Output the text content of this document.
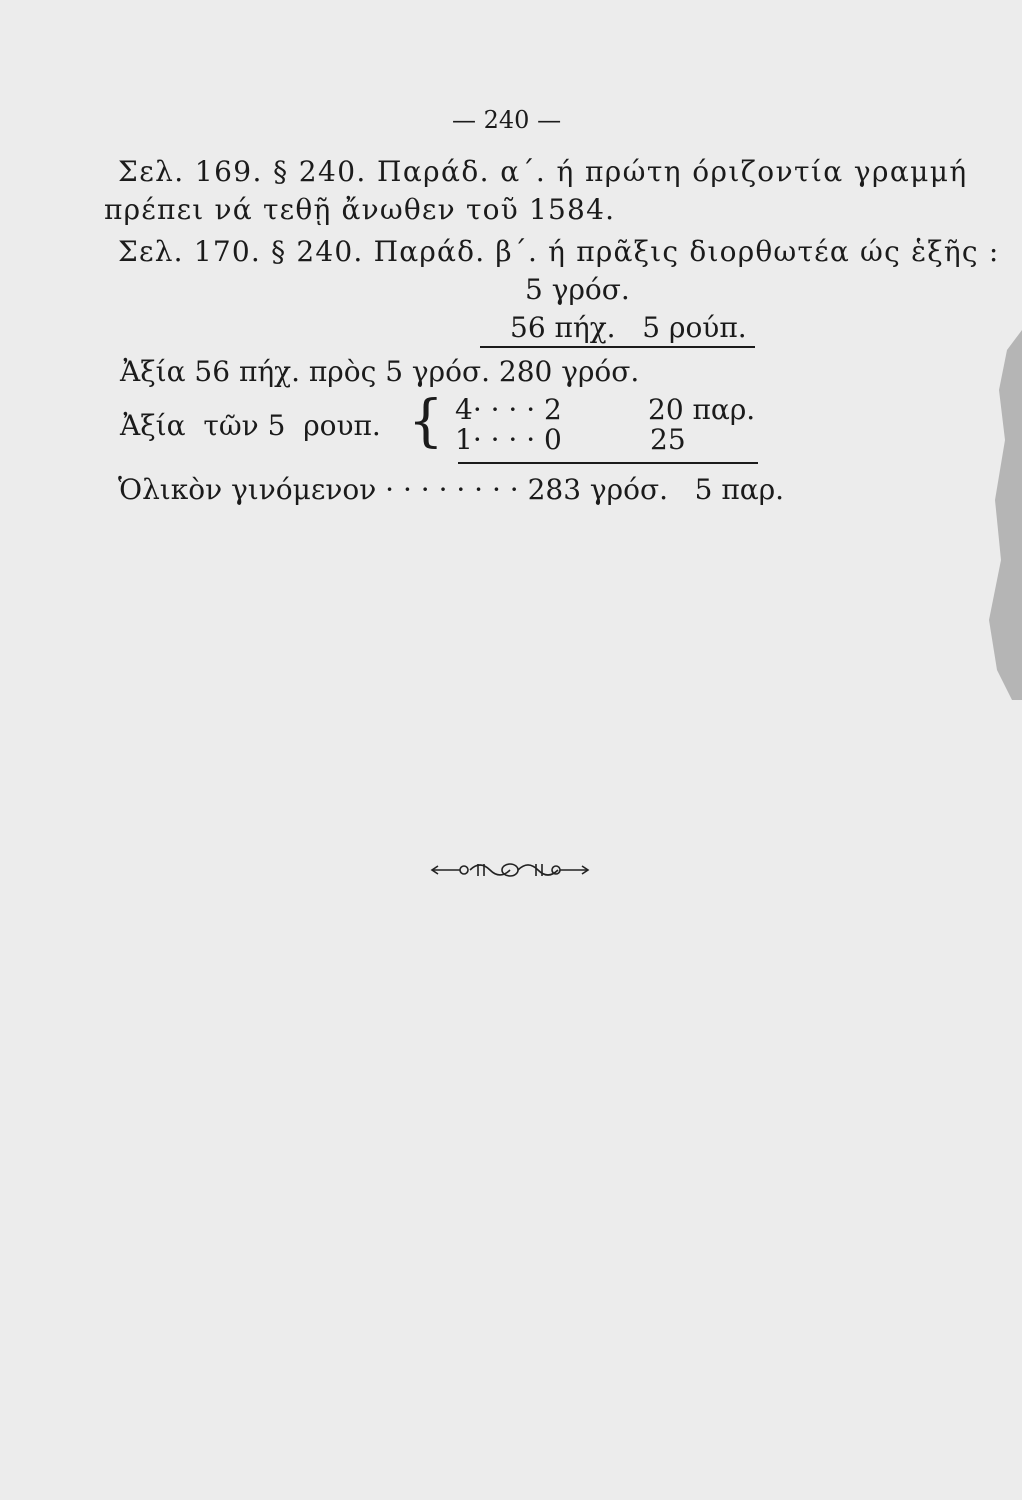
— 240 —
Σελ. 169. § 240. Παράδ. α΄. ή πρώτη όριζοντία γραμμή
πρέπει νά τεθῇ ἄνωθεν τοῦ 1584.
Σελ. 170. § 240. Παράδ. β΄. ή πρᾶξις διορθωτέα ώς ἑξῆς :
5 γρόσ.
56 πήχ.   5 ρούπ.
Ἀξία 56 πήχ. πρὸς 5 γρόσ. 280 γρόσ.
Ἀξία  τῶν 5  ρουπ. { 4· · · · 2	20 παρ.
1· · · · 0	25
Ὁλικὸν γινόμενον · · · · · · · · 283 γρόσ.   5 παρ.
